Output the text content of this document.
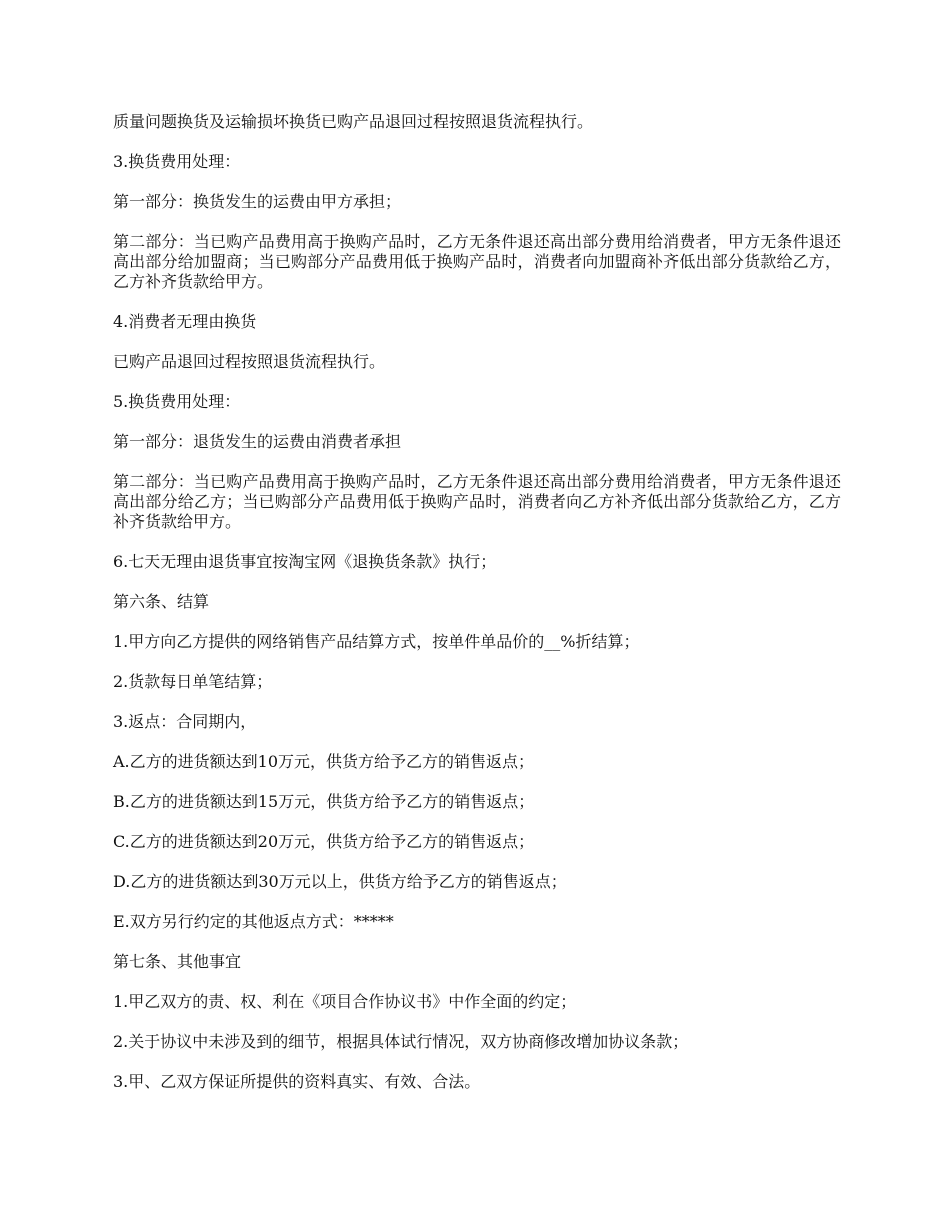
质量问题换货及运输损坏换货已购产品退回过程按照退货流程执行。

3.换货费用处理：

第一部分：换货发生的运费由甲方承担；

第二部分：当已购产品费用高于换购产品时，乙方无条件退还高出部分费用给消费者，甲方无条件退还高出部分给加盟商；当已购部分产品费用低于换购产品时，消费者向加盟商补齐低出部分货款给乙方，乙方补齐货款给甲方。

4.消费者无理由换货

已购产品退回过程按照退货流程执行。

5.换货费用处理：

第一部分：退货发生的运费由消费者承担

第二部分：当已购产品费用高于换购产品时，乙方无条件退还高出部分费用给消费者，甲方无条件退还高出部分给乙方；当已购部分产品费用低于换购产品时，消费者向乙方补齐低出部分货款给乙方，乙方补齐货款给甲方。

6.七天无理由退货事宜按淘宝网《退换货条款》执行；

第六条、结算

1.甲方向乙方提供的网络销售产品结算方式，按单件单品价的__%折结算；

2.货款每日单笔结算；

3.返点：合同期内，

A.乙方的进货额达到10万元，供货方给予乙方的销售返点；

B.乙方的进货额达到15万元，供货方给予乙方的销售返点；

C.乙方的进货额达到20万元，供货方给予乙方的销售返点；

D.乙方的进货额达到30万元以上，供货方给予乙方的销售返点；

E.双方另行约定的其他返点方式：*****

第七条、其他事宜

1.甲乙双方的责、权、利在《项目合作协议书》中作全面的约定；

2.关于协议中未涉及到的细节，根据具体试行情况，双方协商修改增加协议条款；

3.甲、乙双方保证所提供的资料真实、有效、合法。
